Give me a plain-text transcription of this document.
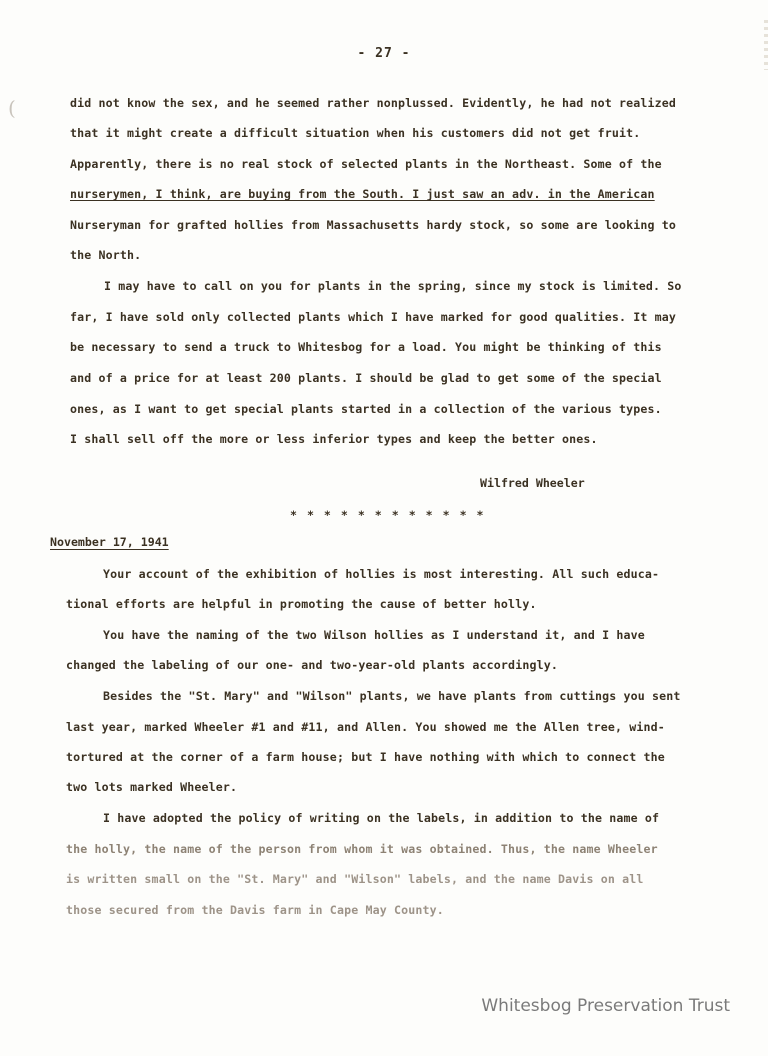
(
- 27 -
did not know the sex, and he seemed rather nonplussed. Evidently, he had not realized
that it might create a difficult situation when his customers did not get fruit.
Apparently, there is no real stock of selected plants in the Northeast. Some of the
nurserymen, I think, are buying from the South. I just saw an adv. in the American
Nurseryman for grafted hollies from Massachusetts hardy stock, so some are looking to
the North.
I may have to call on you for plants in the spring, since my stock is limited. So
far, I have sold only collected plants which I have marked for good qualities. It may
be necessary to send a truck to Whitesbog for a load. You might be thinking of this
and of a price for at least 200 plants. I should be glad to get some of the special
ones, as I want to get special plants started in a collection of the various types.
I shall sell off the more or less inferior types and keep the better ones.
Wilfred Wheeler
* * * * * * * * * * * *
November 17, 1941
Your account of the exhibition of hollies is most interesting. All such educa-
tional efforts are helpful in promoting the cause of better holly.
You have the naming of the two Wilson hollies as I understand it, and I have
changed the labeling of our one- and two-year-old plants accordingly.
Besides the "St. Mary" and "Wilson" plants, we have plants from cuttings you sent
last year, marked Wheeler #1 and #11, and Allen. You showed me the Allen tree, wind-
tortured at the corner of a farm house; but I have nothing with which to connect the
two lots marked Wheeler.
I have adopted the policy of writing on the labels, in addition to the name of
the holly, the name of the person from whom it was obtained. Thus, the name Wheeler
is written small on the "St. Mary" and "Wilson" labels, and the name Davis on all
those secured from the Davis farm in Cape May County.
Whitesbog Preservation Trust
